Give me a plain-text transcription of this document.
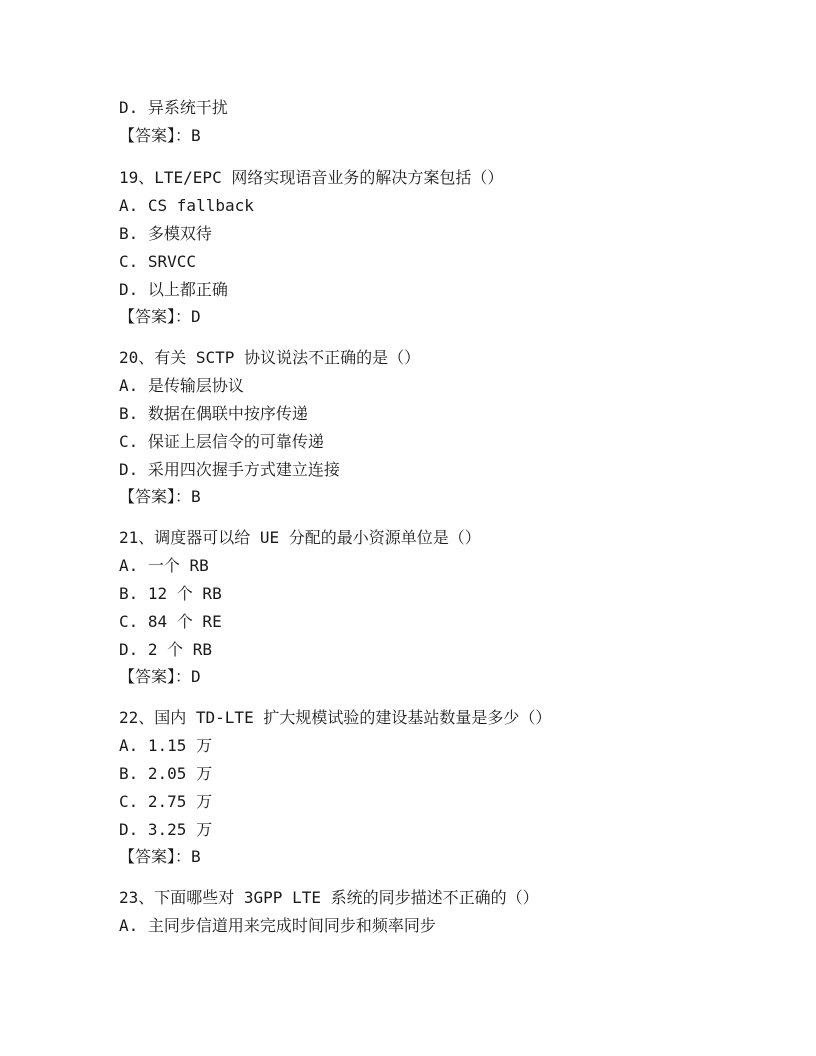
D. 异系统干扰
【答案】：B
19、LTE/EPC 网络实现语音业务的解决方案包括（）
A. CS fallback
B. 多模双待
C. SRVCC
D. 以上都正确
【答案】：D
20、有关 SCTP 协议说法不正确的是（）
A. 是传输层协议
B. 数据在偶联中按序传递
C. 保证上层信令的可靠传递
D. 采用四次握手方式建立连接
【答案】：B
21、调度器可以给 UE 分配的最小资源单位是（）
A. 一个 RB
B. 12 个 RB
C. 84 个 RE
D. 2 个 RB
【答案】：D
22、国内 TD-LTE 扩大规模试验的建设基站数量是多少（）
A. 1.15 万
B. 2.05 万
C. 2.75 万
D. 3.25 万
【答案】：B
23、下面哪些对 3GPP LTE 系统的同步描述不正确的（）
A. 主同步信道用来完成时间同步和频率同步
